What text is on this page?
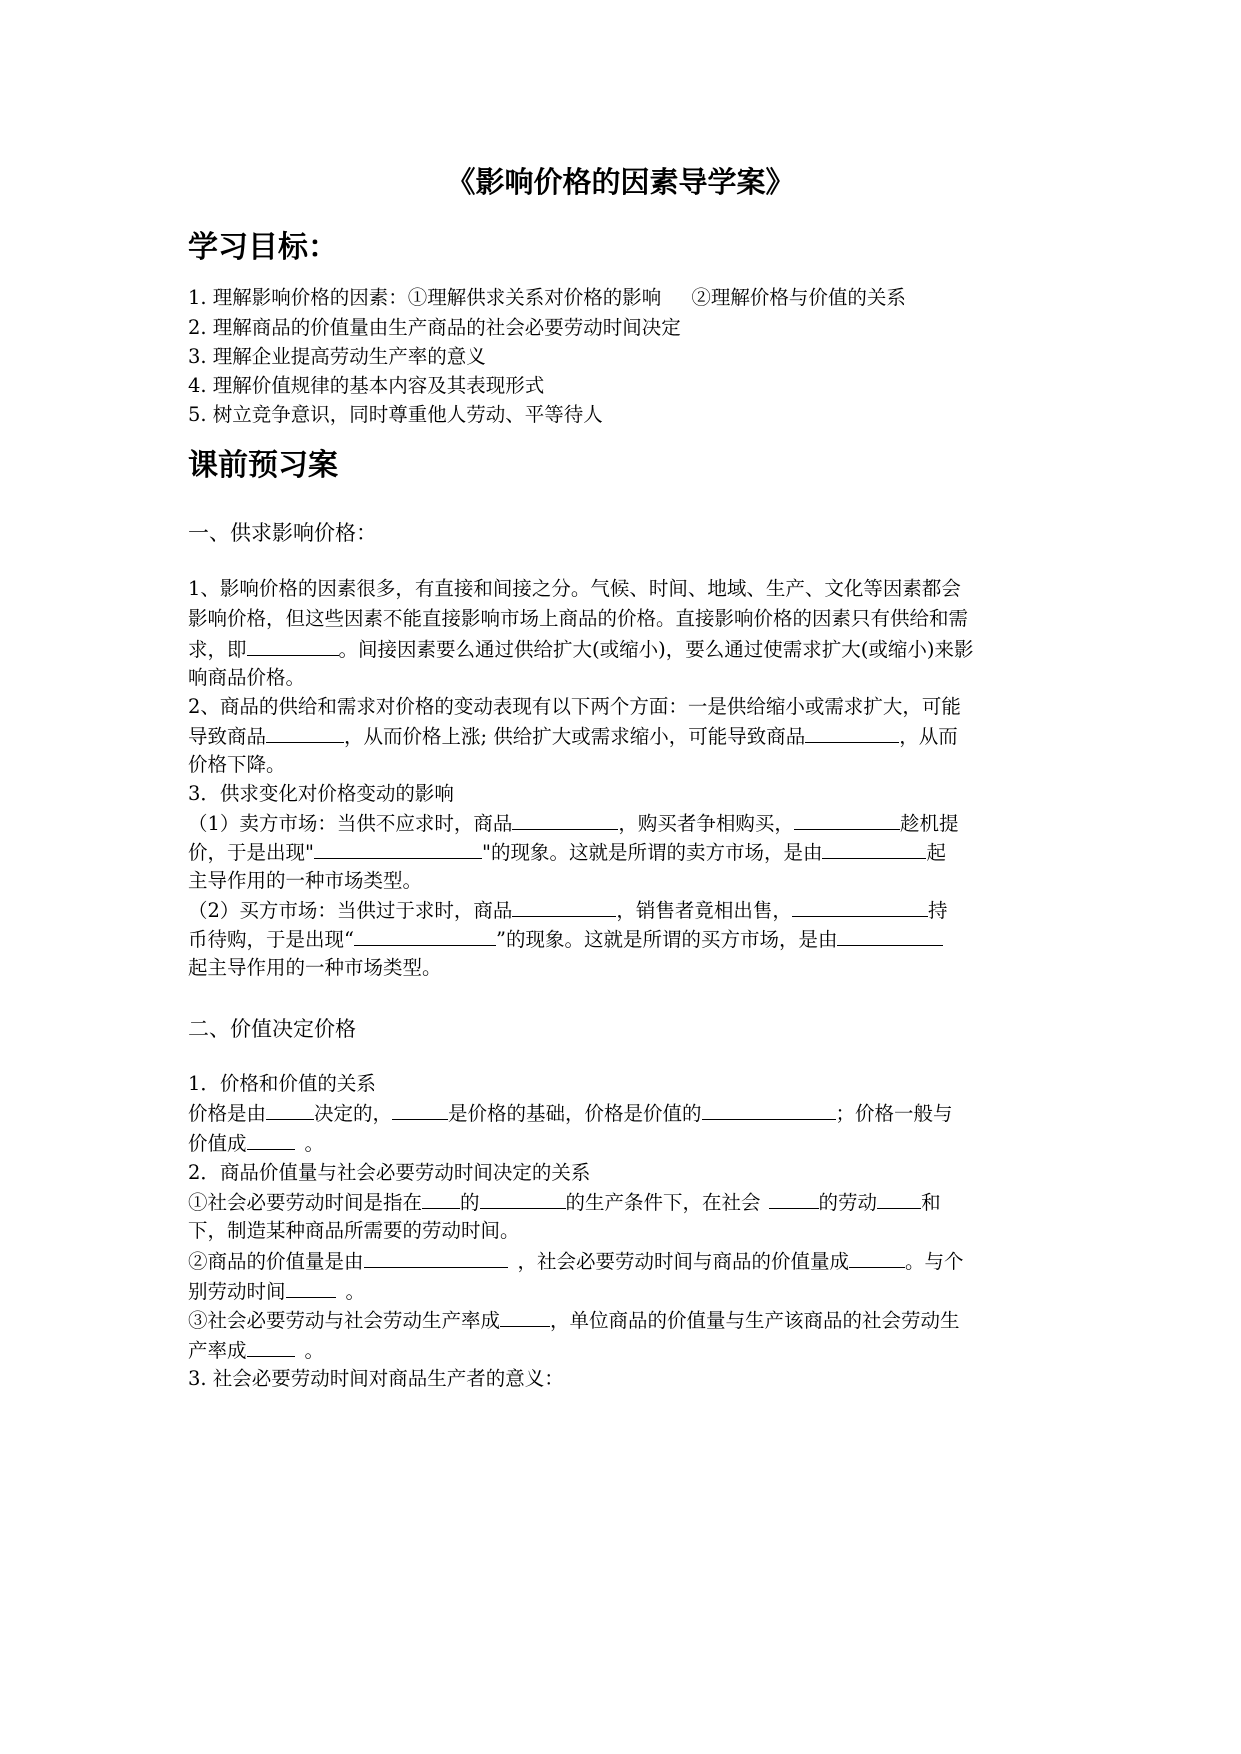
《影响价格的因素导学案》
学习目标：
1. 理解影响价格的因素：①理解供求关系对价格的影响 ②理解价格与价值的关系
2. 理解商品的价值量由生产商品的社会必要劳动时间决定
3. 理解企业提高劳动生产率的意义
4. 理解价值规律的基本内容及其表现形式
5. 树立竞争意识，同时尊重他人劳动、平等待人
课前预习案
一、供求影响价格：
1、影响价格的因素很多，有直接和间接之分。气候、时间、地域、生产、文化等因素都会
影响价格，但这些因素不能直接影响市场上商品的价格。直接影响价格的因素只有供给和需
求，即	。间接因素要么通过供给扩大(或缩小)，要么通过使需求扩大(或缩小)来影
响商品价格。
2、商品的供给和需求对价格的变动表现有以下两个方面：一是供给缩小或需求扩大，可能
导致商品	，从而价格上涨; 供给扩大或需求缩小，可能导致商品	，从而
价格下降。
3．供求变化对价格变动的影响
（1）卖方市场：当供不应求时，商品	，购买者争相购买，	趁机提
价，于是出现"	"的现象。这就是所谓的卖方市场，是由	起
主导作用的一种市场类型。
（2）买方市场：当供过于求时，商品	，销售者竟相出售，	持
币待购，于是出现“	”的现象。这就是所谓的买方市场，是由
起主导作用的一种市场类型。
二、价值决定价格
1．价格和价值的关系
价格是由 决定的，	是价格的基础，价格是价值的	；价格一般与
价值成	。
2．商品价值量与社会必要劳动时间决定的关系
①社会必要劳动时间是指在 的	的生产条件下，在社会	的劳动 和
下，制造某种商品所需要的劳动时间。
②商品的价值量是由	，社会必要劳动时间与商品的价值量成	。与个
别劳动时间	。
③社会必要劳动与社会劳动生产率成	，单位商品的价值量与生产该商品的社会劳动生
产率成	。
3. 社会必要劳动时间对商品生产者的意义：
